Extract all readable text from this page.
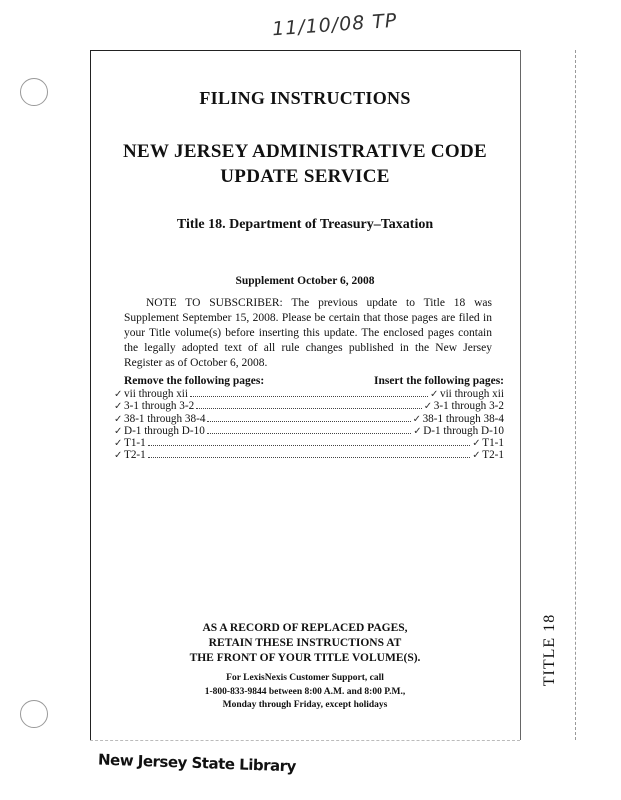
11/10/08 TP
FILING INSTRUCTIONS
NEW JERSEY ADMINISTRATIVE CODE
UPDATE SERVICE
Title 18. Department of Treasury–Taxation
Supplement October 6, 2008
NOTE TO SUBSCRIBER: The previous update to Title 18 was Supplement September 15, 2008. Please be certain that those pages are filed in your Title volume(s) before inserting this update. The enclosed pages contain the legally adopted text of all rule changes published in the New Jersey Register as of October 6, 2008.
Remove the following pages:	Insert the following pages:
✓ vii through xii	✓ vii through xii
✓ 3-1 through 3-2	✓ 3-1 through 3-2
✓ 38-1 through 38-4	✓ 38-1 through 38-4
✓ D-1 through D-10	✓ D-1 through D-10
✓ T1-1	✓ T1-1
✓ T2-1	✓ T2-1
AS A RECORD OF REPLACED PAGES,
RETAIN THESE INSTRUCTIONS AT
THE FRONT OF YOUR TITLE VOLUME(S).
For LexisNexis Customer Support, call
1-800-833-9844 between 8:00 A.M. and 8:00 P.M.,
Monday through Friday, except holidays
TITLE 18
New Jersey State Library
